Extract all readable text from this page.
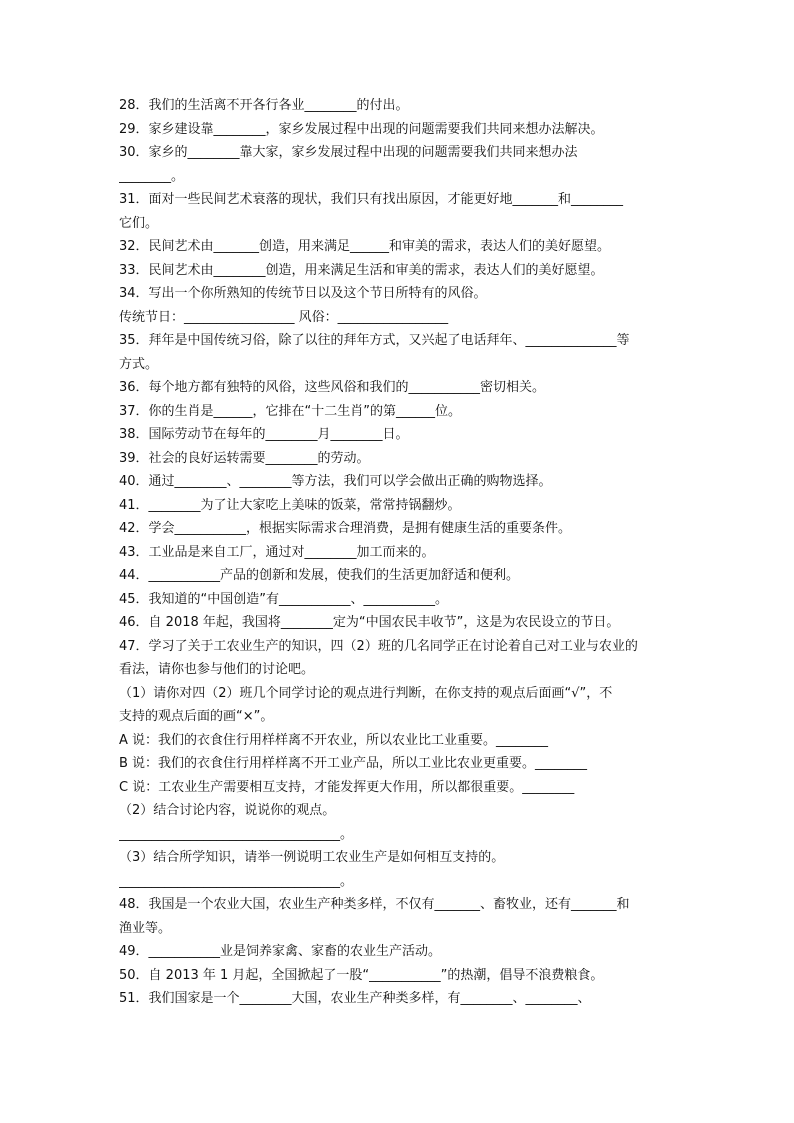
28．我们的生活离不开各行各业________的付出。
29．家乡建设靠________，家乡发展过程中出现的问题需要我们共同来想办法解决。
30．家乡的________靠大家，家乡发展过程中出现的问题需要我们共同来想办法
________。
31．面对一些民间艺术衰落的现状，我们只有找出原因，才能更好地_______和________
它们。
32．民间艺术由_______创造，用来满足______和审美的需求，表达人们的美好愿望。
33．民间艺术由________创造，用来满足生活和审美的需求，表达人们的美好愿望。
34．写出一个你所熟知的传统节日以及这个节日所特有的风俗。
传统节日：_________________ 风俗：_________________
35．拜年是中国传统习俗，除了以往的拜年方式，又兴起了电话拜年、______________等
方式。
36．每个地方都有独特的风俗，这些风俗和我们的___________密切相关。
37．你的生肖是______，它排在“十二生肖”的第______位。
38．国际劳动节在每年的________月________日。
39．社会的良好运转需要________的劳动。
40．通过________、________等方法，我们可以学会做出正确的购物选择。
41．________为了让大家吃上美味的饭菜，常常持锅翻炒。
42．学会___________，根据实际需求合理消费，是拥有健康生活的重要条件。
43．工业品是来自工厂，通过对________加工而来的。
44．___________产品的创新和发展，使我们的生活更加舒适和便利。
45．我知道的“中国创造”有___________、___________。
46．自 2018 年起，我国将________定为“中国农民丰收节”，这是为农民设立的节日。
47．学习了关于工农业生产的知识，四（2）班的几名同学正在讨论着自己对工业与农业的
看法，请你也参与他们的讨论吧。
（1）请你对四（2）班几个同学讨论的观点进行判断，在你支持的观点后面画“√”，不
支持的观点后面的画“×”。
A 说：我们的衣食住行用样样离不开农业，所以农业比工业重要。________
B 说：我们的衣食住行用样样离不开工业产品，所以工业比农业更重要。________
C 说：工农业生产需要相互支持，才能发挥更大作用，所以都很重要。________
（2）结合讨论内容，说说你的观点。
__________________________________。
（3）结合所学知识，请举一例说明工农业生产是如何相互支持的。
__________________________________。
48．我国是一个农业大国，农业生产种类多样，不仅有_______、畜牧业，还有_______和
渔业等。
49．___________业是饲养家禽、家畜的农业生产活动。
50．自 2013 年 1 月起，全国掀起了一股“___________”的热潮，倡导不浪费粮食。
51．我们国家是一个________大国，农业生产种类多样，有________、________、
